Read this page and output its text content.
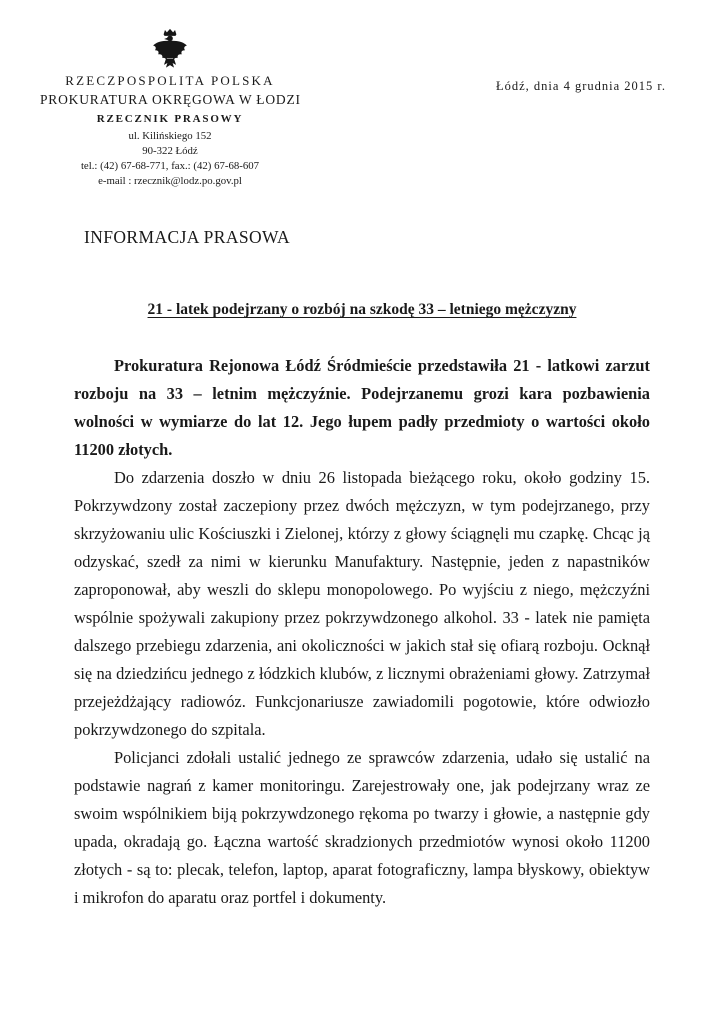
RZECZPOSPOLITA POLSKA
PROKURATURA OKRĘGOWA W ŁODZI
RZECZNIK PRASOWY
ul. Kilińskiego 152
90-322 Łódź
tel.: (42) 67-68-771, fax.: (42) 67-68-607
e-mail : rzecznik@lodz.po.gov.pl
Łódź, dnia 4 grudnia 2015 r.
INFORMACJA PRASOWA
21 - latek podejrzany o rozbój na szkodę 33 – letniego mężczyzny

Prokuratura Rejonowa Łódź Śródmieście przedstawiła 21 - latkowi zarzut rozboju na 33 – letnim mężczyźnie. Podejrzanemu grozi kara pozbawienia wolności w wymiarze do lat 12. Jego łupem padły przedmioty o wartości około 11200 złotych.

Do zdarzenia doszło w dniu 26 listopada bieżącego roku, około godziny 15. Pokrzywdzony został zaczepiony przez dwóch mężczyzn, w tym podejrzanego, przy skrzyżowaniu ulic Kościuszki i Zielonej, którzy z głowy ściągnęli mu czapkę. Chcąc ją odzyskać, szedł za nimi w kierunku Manufaktury. Następnie, jeden z napastników zaproponował, aby weszli do sklepu monopolowego. Po wyjściu z niego, mężczyźni wspólnie spożywali zakupiony przez pokrzywdzonego alkohol. 33 - latek nie pamięta dalszego przebiegu zdarzenia, ani okoliczności w jakich stał się ofiarą rozboju. Ocknął się na dziedzińcu jednego z łódzkich klubów, z licznymi obrażeniami głowy. Zatrzymał przejeżdżający radiowóz. Funkcjonariusze zawiadomili pogotowie, które odwiozło pokrzywdzonego do szpitala.

Policjanci zdołali ustalić jednego ze sprawców zdarzenia, udało się ustalić na podstawie nagrań z kamer monitoringu. Zarejestrowały one, jak podejrzany wraz ze swoim wspólnikiem biją pokrzywdzonego rękoma po twarzy i głowie, a następnie gdy upada, okradają go. Łączna wartość skradzionych przedmiotów wynosi około 11200 złotych - są to: plecak, telefon, laptop, aparat fotograficzny, lampa błyskowy, obiektyw i mikrofon do aparatu oraz portfel i dokumenty.
